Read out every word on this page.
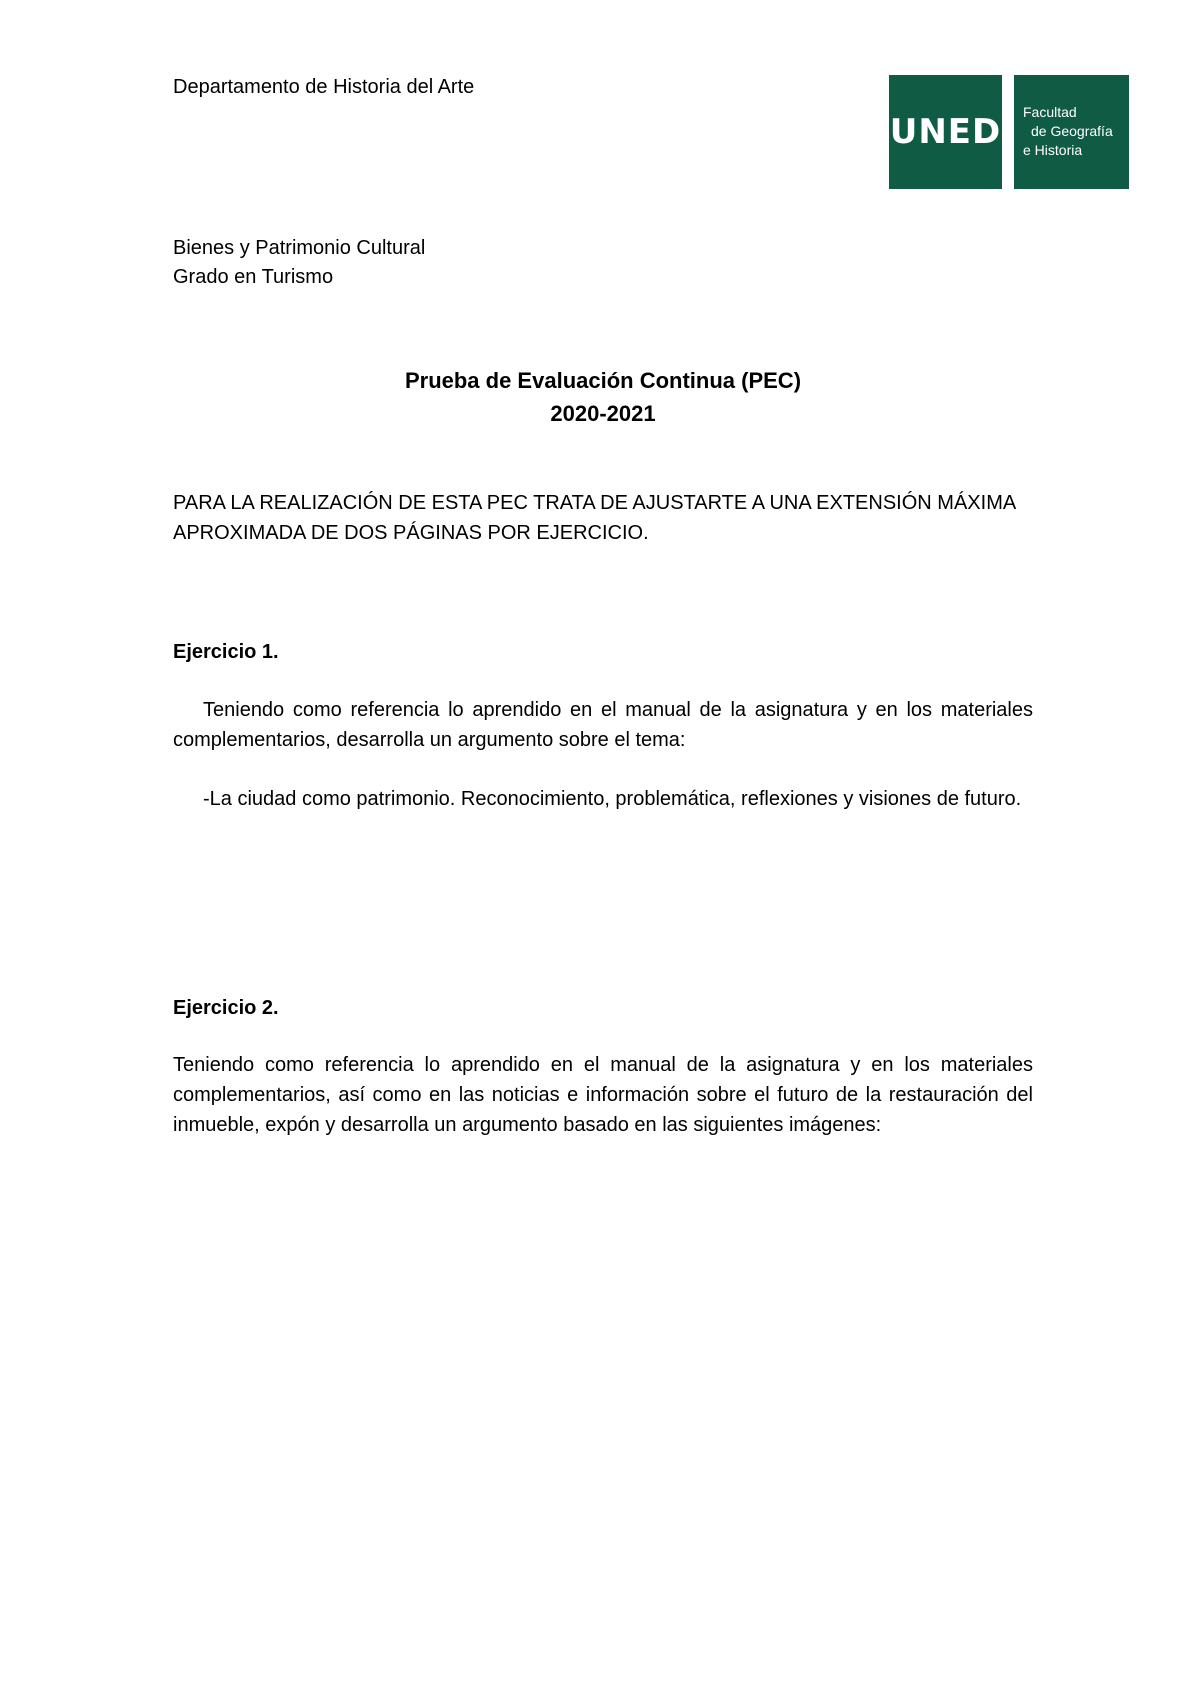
Departamento de Historia del Arte
UNED Facultad
de Geografía
e Historia
Bienes y Patrimonio Cultural
Grado en Turismo
Prueba de Evaluación Continua (PEC)
2020-2021
PARA LA REALIZACIÓN DE ESTA PEC TRATA DE AJUSTARTE A UNA EXTENSIÓN MÁXIMA APROXIMADA DE DOS PÁGINAS POR EJERCICIO.
Ejercicio 1.
Teniendo como referencia lo aprendido en el manual de la asignatura y en los materiales complementarios, desarrolla un argumento sobre el tema:
-La ciudad como patrimonio. Reconocimiento, problemática, reflexiones y visiones de futuro.
Ejercicio 2.
Teniendo como referencia lo aprendido en el manual de la asignatura y en los materiales complementarios, así como en las noticias e información sobre el futuro de la restauración del inmueble, expón y desarrolla un argumento basado en las siguientes imágenes:
